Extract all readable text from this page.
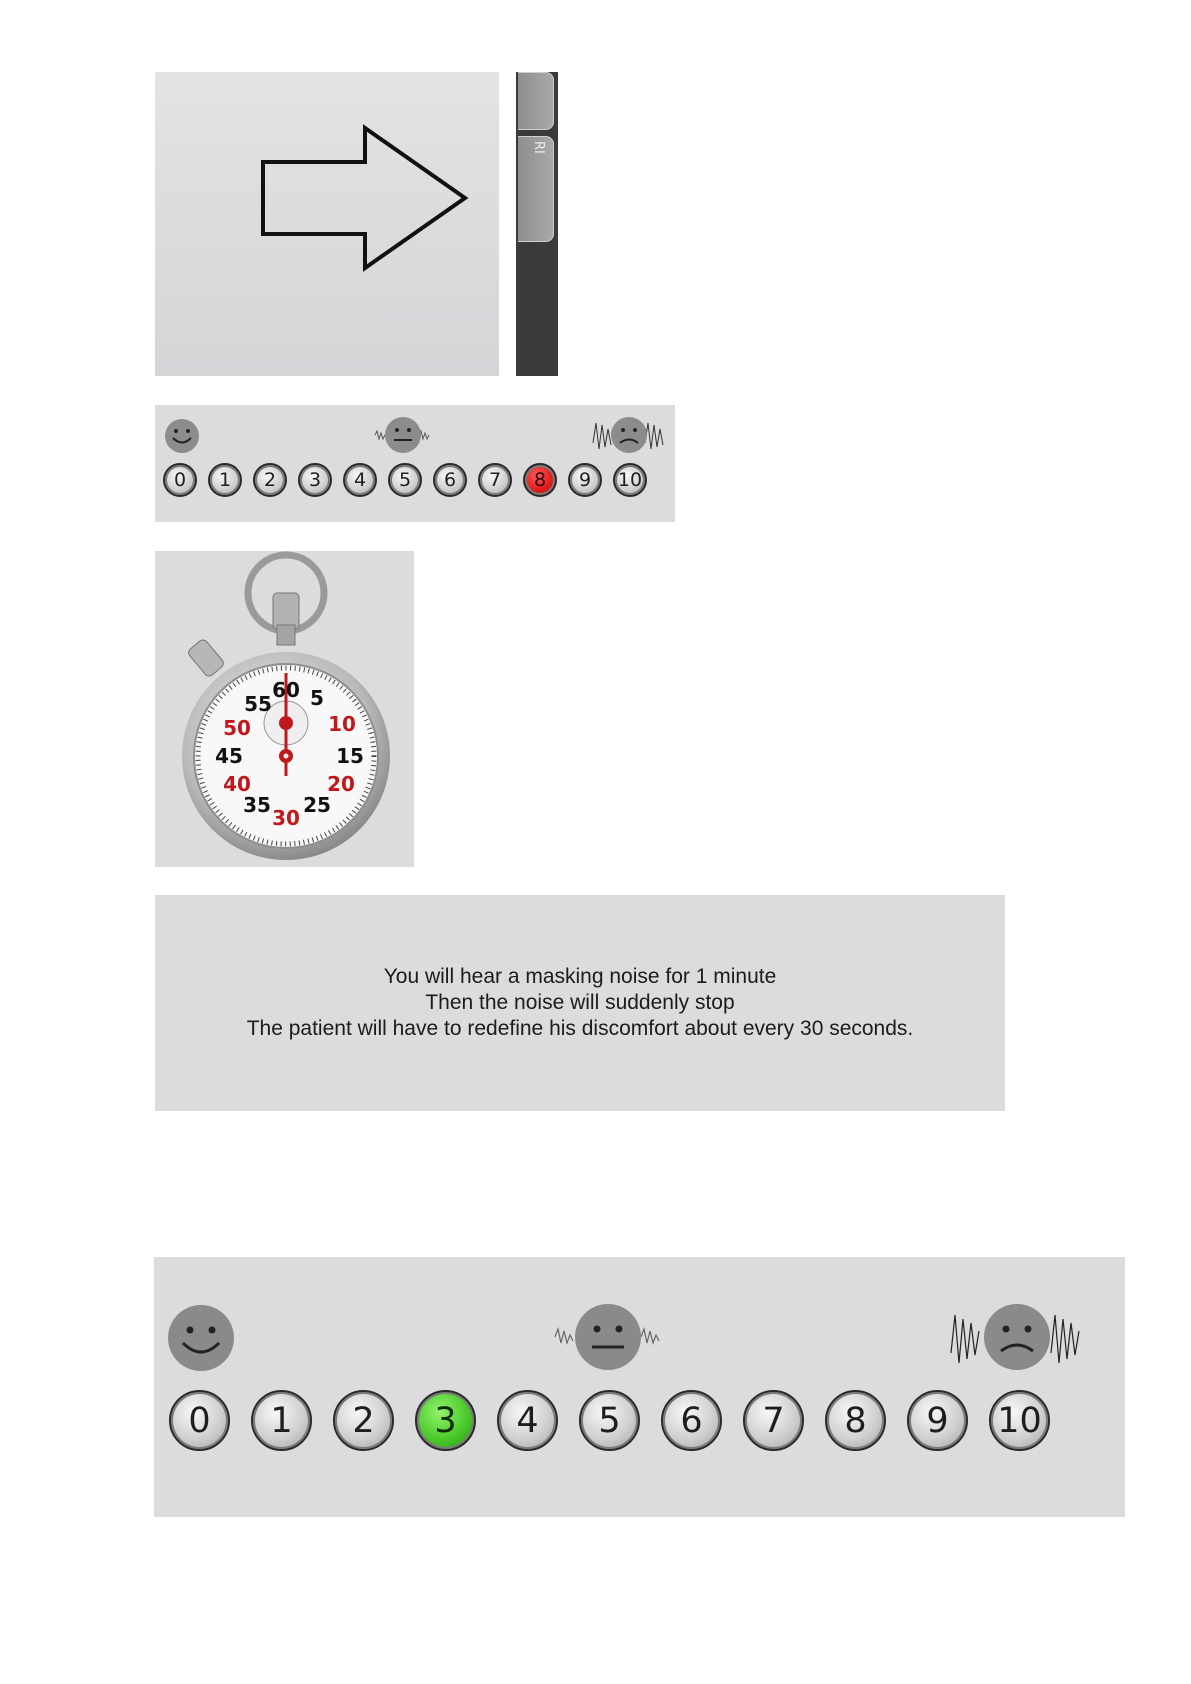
RI
0	1	2	3	4	5	6	7	8	9	10
60 5
10
15
20
25
30
35
40
45
50
55
You will hear a masking noise for 1 minute
Then the noise will suddenly stop
The patient will have to redefine his discomfort about every 30 seconds.
0	1	2	3	4	5	6	7	8	9	10
